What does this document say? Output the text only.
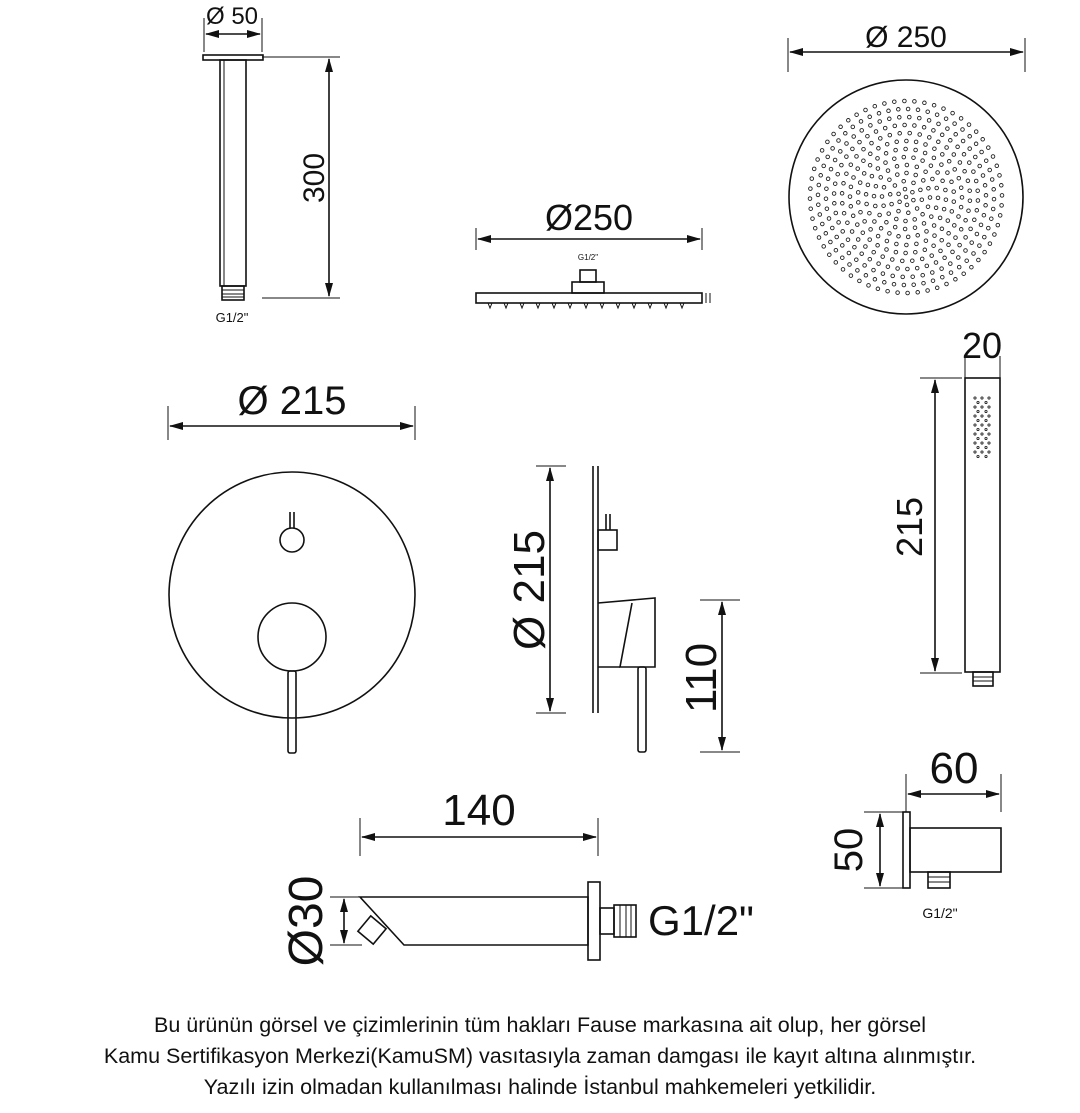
Ø 50
G1/2"
300
Ø250
G1/2"
Ø 250
Ø 215
Ø 215
110
20
215
140
Ø30	G1/2"
60
50
G1/2"
Bu ürünün görsel ve çizimlerinin tüm hakları Fause markasına ait olup, her görsel
Kamu Sertifikasyon Merkezi(KamuSM) vasıtasıyla zaman damgası ile kayıt altına alınmıştır.
Yazılı izin olmadan kullanılması halinde İstanbul mahkemeleri yetkilidir.
